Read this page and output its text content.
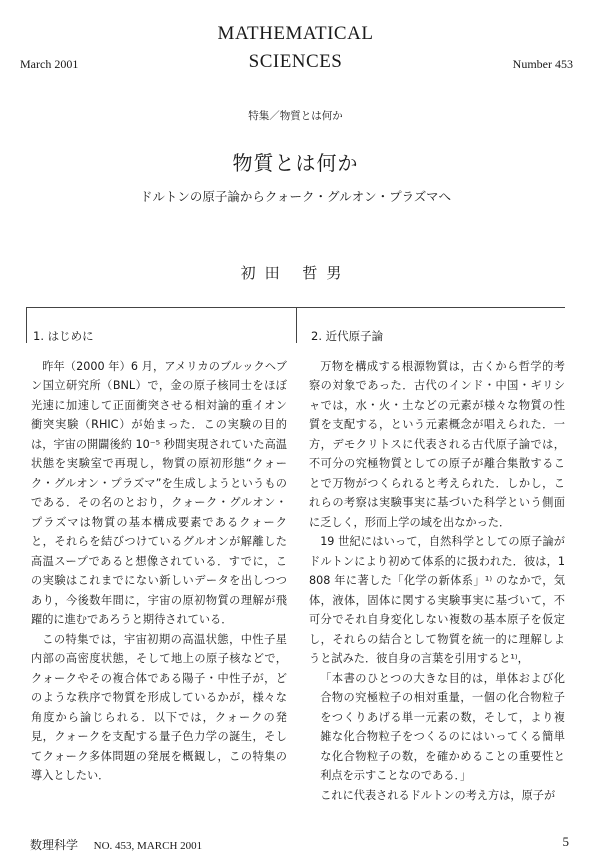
March 2001
MATHEMATICAL
SCIENCES	Number 453
特集／物質とは何か
物質とは何か
ドルトンの原子論からクォーク・グルオン・プラズマへ
初田 哲男
1. はじめに

昨年（2000 年）6 月，アメリカのブルックヘブン国立研究所（BNL）で，金の原子核同士をほぼ光速に加速して正面衝突させる相対論的重イオン衝突実験（RHIC）が始まった．この実験の目的は，宇宙の開闢後約 10⁻⁵ 秒間実現されていた高温状態を実験室で再現し，物質の原初形態“クォーク・グルオン・プラズマ”を生成しようというものである．その名のとおり，クォーク・グルオン・プラズマは物質の基本構成要素であるクォークと，それらを結びつけているグルオンが解離した高温スープであると想像されている．すでに，この実験はこれまでにない新しいデータを出しつつあり，今後数年間に，宇宙の原初物質の理解が飛躍的に進むであろうと期待されている．

この特集では，宇宙初期の高温状態，中性子星内部の高密度状態，そして地上の原子核などで，クォークやその複合体である陽子・中性子が，どのような秩序で物質を形成しているかが，様々な角度から論じられる．以下では，クォークの発見，クォークを支配する量子色力学の誕生，そしてクォーク多体問題の発展を概観し，この特集の導入としたい．

2. 近代原子論

万物を構成する根源物質は，古くから哲学的考察の対象であった．古代のインド・中国・ギリシャでは，水・火・土などの元素が様々な物質の性質を支配する，という元素概念が唱えられた．一方，デモクリトスに代表される古代原子論では，不可分の究極物質としての原子が離合集散することで万物がつくられると考えられた．しかし，これらの考察は実験事実に基づいた科学という側面に乏しく，形而上学の域を出なかった．

19 世紀にはいって，自然科学としての原子論がドルトンにより初めて体系的に扱われた．彼は，1808 年に著した「化学の新体系」¹⁾ のなかで，気体，液体，固体に関する実験事実に基づいて，不可分でそれ自身変化しない複数の基本原子を仮定し，それらの結合として物質を統一的に理解しようと試みた．彼自身の言葉を引用すると¹⁾，

「本書のひとつの大きな目的は，単体および化合物の究極粒子の相対重量，一個の化合物粒子をつくりあげる単一元素の数，そして，より複雑な化合物粒子をつくるのにはいってくる簡単な化合物粒子の数，を確かめることの重要性と利点を示すことなのである．」

これに代表されるドルトンの考え方は，原子が

数理科学 NO. 453, MARCH 2001	5
